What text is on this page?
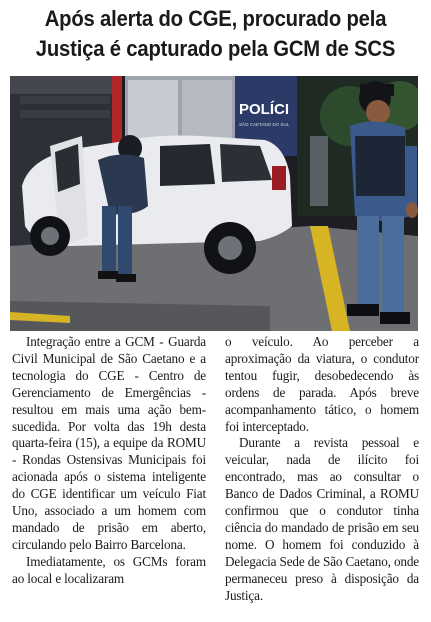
Após alerta do CGE, procurado pela
Justiça é capturado pela GCM de SCS
POLÍCI
SÃO CAETANO DO SUL

Integração entre a GCM - Guarda Civil Municipal de São Caetano e a tecnologia do CGE - Centro de Gerenciamento de Emergências - resultou em mais uma ação bem-sucedida. Por volta das 19h desta quarta-feira (15), a equipe da ROMU - Rondas Ostensivas Municipais foi acionada após o sistema inteligente do CGE identificar um veículo Fiat Uno, associado a um homem com mandado de prisão em aberto, circulando pelo Bairro Barcelona.

Imediatamente, os GCMs foram ao local e localizaram

o veículo. Ao perceber a aproximação da viatura, o condutor tentou fugir, desobedecendo às ordens de parada. Após breve acompanhamento tático, o homem foi interceptado.

Durante a revista pessoal e veicular, nada de ilícito foi encontrado, mas ao consultar o Banco de Dados Criminal, a ROMU confirmou que o condutor tinha ciência do mandado de prisão em seu nome. O homem foi conduzido à Delegacia Sede de São Caetano, onde permaneceu preso à disposição da Justiça.
